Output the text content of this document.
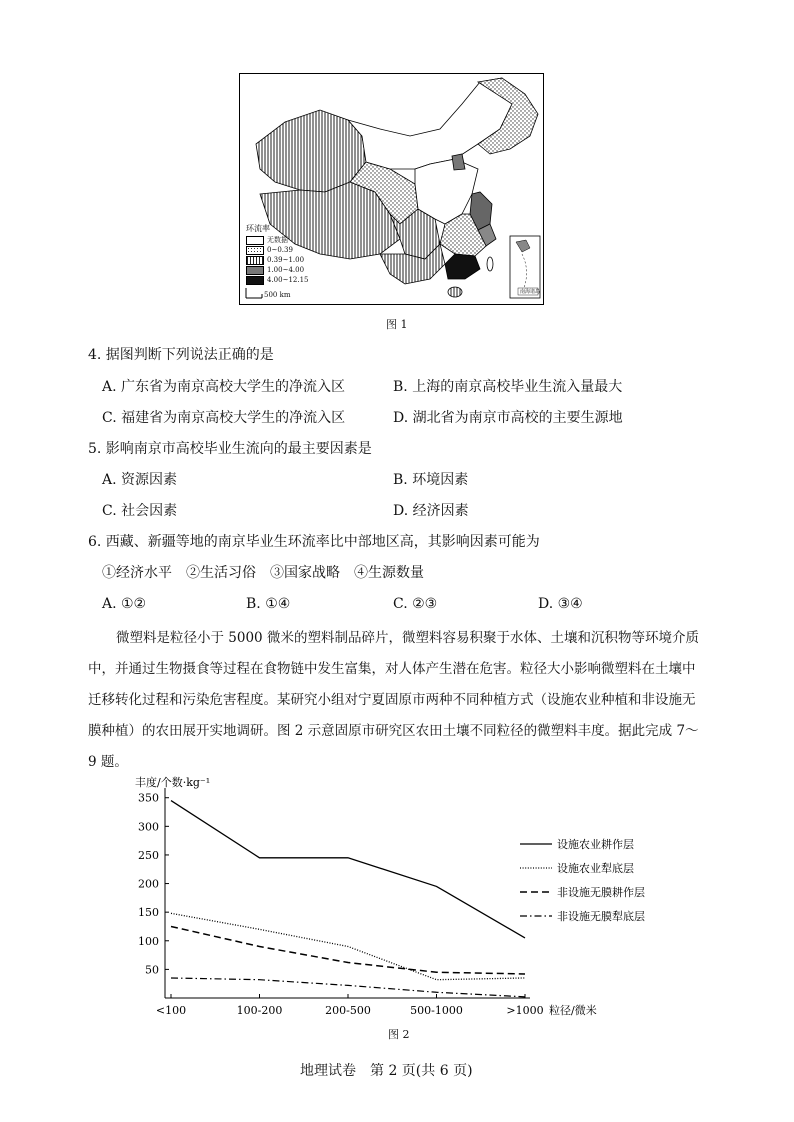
环流率
无数据
0~0.39
0.39~1.00
1.00~4.00
4.00~12.15
500 km	南海诸岛
图 1
4. 据图判断下列说法正确的是
A. 广东省为南京高校大学生的净流入区	B. 上海的南京高校毕业生流入量最大
C. 福建省为南京高校大学生的净流入区	D. 湖北省为南京市高校的主要生源地
5. 影响南京市高校毕业生流向的最主要因素是
A. 资源因素	B. 环境因素
C. 社会因素	D. 经济因素
6. 西藏、新疆等地的南京毕业生环流率比中部地区高，其影响因素可能为
①经济水平　②生活习俗　③国家战略　④生源数量
A. ①②	B. ①④	C. ②③	D. ③④
微塑料是粒径小于 5000 微米的塑料制品碎片，微塑料容易积聚于水体、土壤和沉积物等环境介质
中，并通过生物摄食等过程在食物链中发生富集，对人体产生潜在危害。粒径大小影响微塑料在土壤中
迁移转化过程和污染危害程度。某研究小组对宁夏固原市两种不同种植方式（设施农业种植和非设施无
膜种植）的农田展开实地调研。图 2 示意固原市研究区农田土壤不同粒径的微塑料丰度。据此完成 7～
9 题。
50
100
150
200
250
300
350
<100	100-200	200-500	500-1000	>1000
丰度/个数·kg⁻¹
粒径/微米
设施农业耕作层
设施农业犁底层
非设施无膜耕作层
非设施无膜犁底层
图 2
地理试卷　第 2 页(共 6 页)
